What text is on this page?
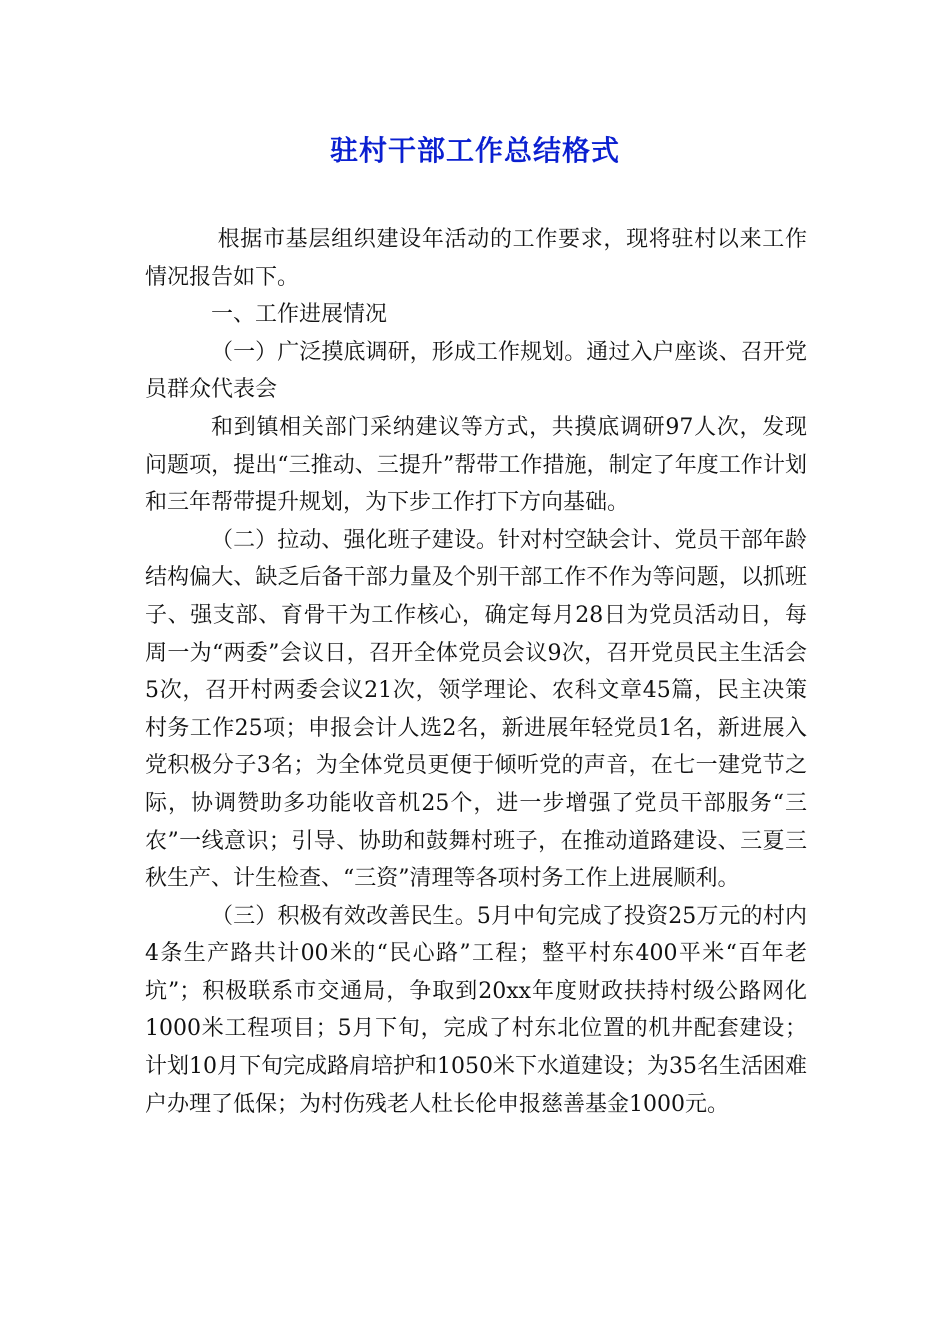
驻村干部工作总结格式

根据市基层组织建设年活动的工作要求，现将驻村以来工作情况报告如下。

一、工作进展情况

（一）广泛摸底调研，形成工作规划。通过入户座谈、召开党员群众代表会

和到镇相关部门采纳建议等方式，共摸底调研97人次，发现问题项，提出“三推动、三提升”帮带工作措施，制定了年度工作计划和三年帮带提升规划，为下步工作打下方向基础。

（二）拉动、强化班子建设。针对村空缺会计、党员干部年龄结构偏大、缺乏后备干部力量及个别干部工作不作为等问题，以抓班子、强支部、育骨干为工作核心，确定每月28日为党员活动日，每周一为“两委”会议日，召开全体党员会议9次，召开党员民主生活会5次，召开村两委会议21次，领学理论、农科文章45篇，民主决策村务工作25项；申报会计人选2名，新进展年轻党员1名，新进展入党积极分子3名；为全体党员更便于倾听党的声音，在七一建党节之际，协调赞助多功能收音机25个，进一步增强了党员干部服务“三农”一线意识；引导、协助和鼓舞村班子，在推动道路建设、三夏三秋生产、计生检查、“三资”清理等各项村务工作上进展顺利。

（三）积极有效改善民生。5月中旬完成了投资25万元的村内4条生产路共计00米的“民心路”工程；整平村东400平米“百年老坑”；积极联系市交通局，争取到20xx年度财政扶持村级公路网化1000米工程项目；5月下旬，完成了村东北位置的机井配套建设；计划10月下旬完成路肩培护和1050米下水道建设；为35名生活困难户办理了低保；为村伤残老人杜长伦申报慈善基金1000元。
